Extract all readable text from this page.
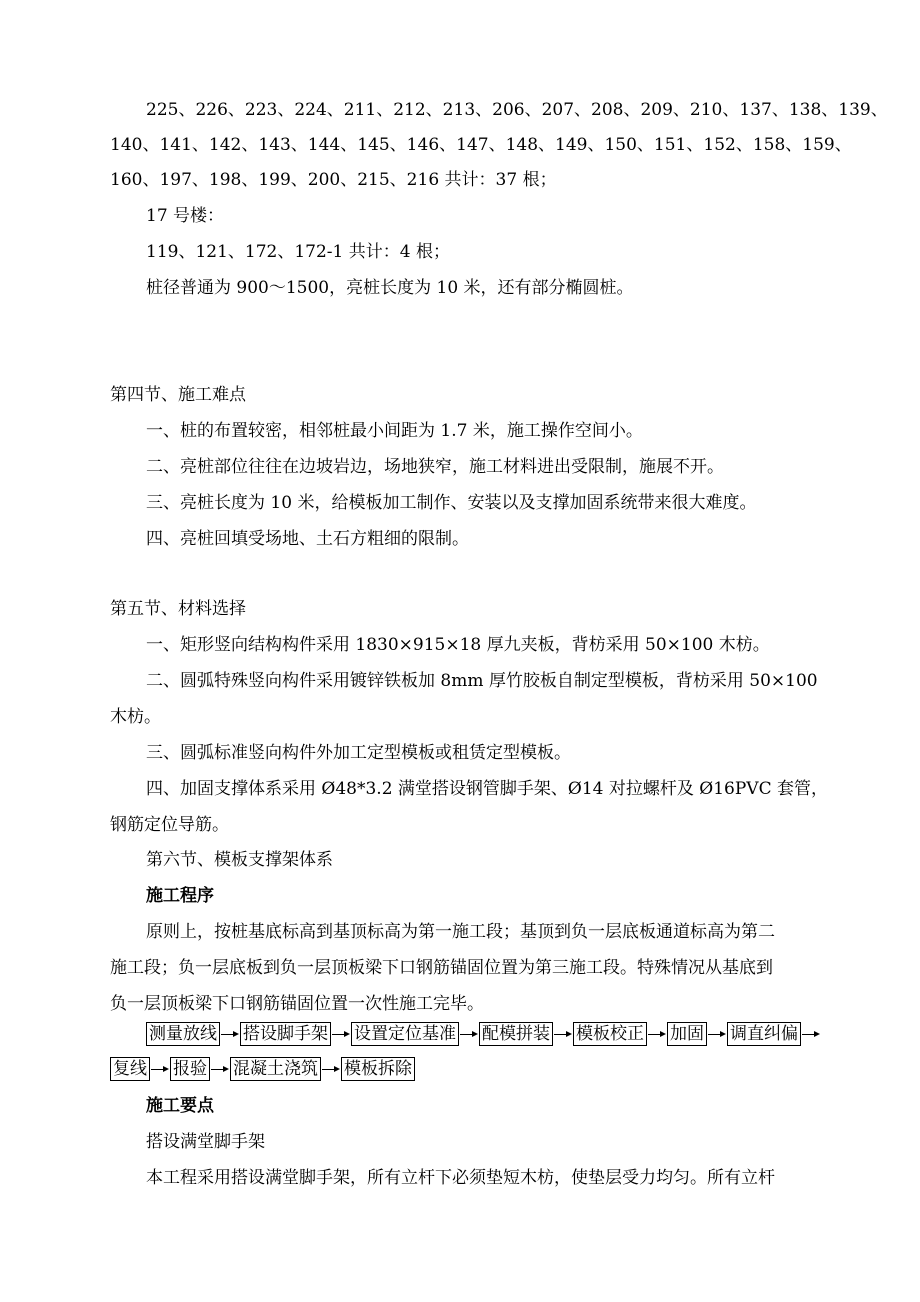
225、226、223、224、211、212、213、206、207、208、209、210、137、138、139、
140、141、142、143、144、145、146、147、148、149、150、151、152、158、159、
160、197、198、199、200、215、216 共计：37 根；
17 号楼：
119、121、172、172-1 共计：4 根；
桩径普通为 900～1500，亮桩长度为 10 米，还有部分椭圆桩。
第四节、施工难点
一、桩的布置较密，相邻桩最小间距为 1.7 米，施工操作空间小。
二、亮桩部位往往在边坡岩边，场地狭窄，施工材料进出受限制，施展不开。
三、亮桩长度为 10 米，给模板加工制作、安装以及支撑加固系统带来很大难度。
四、亮桩回填受场地、土石方粗细的限制。
第五节、材料选择
一、矩形竖向结构构件采用 1830×915×18 厚九夹板，背枋采用 50×100 木枋。
二、圆弧特殊竖向构件采用镀锌铁板加 8mm 厚竹胶板自制定型模板，背枋采用 50×100
木枋。
三、圆弧标准竖向构件外加工定型模板或租赁定型模板。
四、加固支撑体系采用 Ø48*3.2 满堂搭设钢管脚手架、Ø14 对拉螺杆及 Ø16PVC 套管，
钢筋定位导筋。
第六节、模板支撑架体系
施工程序
原则上，按桩基底标高到基顶标高为第一施工段；基顶到负一层底板通道标高为第二
施工段；负一层底板到负一层顶板梁下口钢筋锚固位置为第三施工段。特殊情况从基底到
负一层顶板梁下口钢筋锚固位置一次性施工完毕。
测量放线 搭设脚手架 设置定位基准 配模拼装 模板校正 加固 调直纠偏
复线 报验 混凝土浇筑 模板拆除
施工要点
搭设满堂脚手架
本工程采用搭设满堂脚手架，所有立杆下必须垫短木枋，使垫层受力均匀。所有立杆
